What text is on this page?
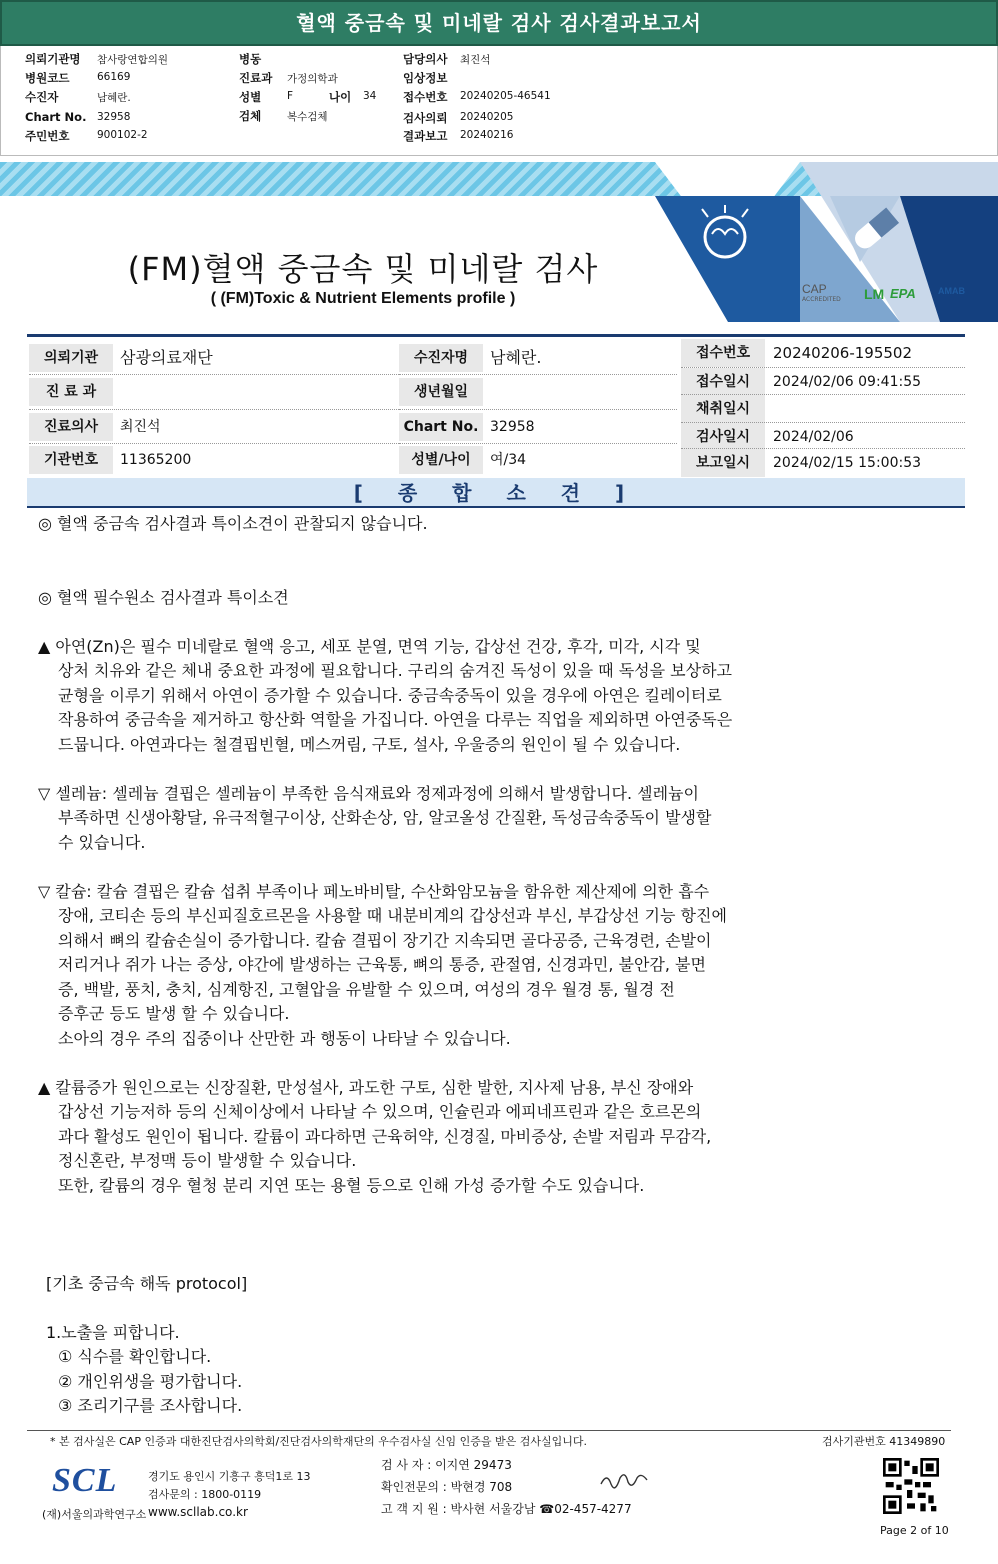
혈액 중금속 및 미네랄 검사 검사결과보고서
의뢰기관명 참사랑연합의원
병원코드	66169
수진자	남혜란.
Chart No. 32958
주민번호	900102-2
병동
진료과 가정의학과
성별 F	나이 34
검체 복수검체
담당의사 최진석
임상정보
접수번호 20240205-46541
검사의뢰 20240205
결과보고 20240216
(FM)혈액 중금속 및 미네랄 검사
( (FM)Toxic & Nutrient Elements profile )
CAP
ACCREDITED LM EPA AMAB
의뢰기관	삼광의료재단
진 료 과
진료의사	최진석
기관번호	11365200
수진자명	남혜란.
생년월일
Chart No. 32958
성별/나이	여/34
접수번호	20240206-195502
접수일시	2024/02/06 09:41:55
채취일시
검사일시	2024/02/06
보고일시	2024/02/15 15:00:53
[ 종 합 소 견 ]

◎ 혈액 중금속 검사결과 특이소견이 관찰되지 않습니다.

◎ 혈액 필수원소 검사결과 특이소견

▲ 아연(Zn)은 필수 미네랄로 혈액 응고, 세포 분열, 면역 기능, 갑상선 건강, 후각, 미각, 시각 및

상처 치유와 같은 체내 중요한 과정에 필요합니다. 구리의 숨겨진 독성이 있을 때 독성을 보상하고

균형을 이루기 위해서 아연이 증가할 수 있습니다. 중금속중독이 있을 경우에 아연은 킬레이터로

작용하여 중금속을 제거하고 항산화 역할을 가집니다. 아연을 다루는 직업을 제외하면 아연중독은

드뭅니다. 아연과다는 철결핍빈혈, 메스꺼림, 구토, 설사, 우울증의 원인이 될 수 있습니다.

▽ 셀레늄: 셀레늄 결핍은 셀레늄이 부족한 음식재료와 정제과정에 의해서 발생합니다. 셀레늄이

부족하면 신생아황달, 유극적혈구이상, 산화손상, 암, 알코올성 간질환, 독성금속중독이 발생할

수 있습니다.

▽ 칼슘: 칼슘 결핍은 칼슘 섭취 부족이나 페노바비탈, 수산화암모늄을 함유한 제산제에 의한 흡수

장애, 코티손 등의 부신피질호르몬을 사용할 때 내분비계의 갑상선과 부신, 부갑상선 기능 항진에

의해서 뼈의 칼슘손실이 증가합니다. 칼슘 결핍이 장기간 지속되면 골다공증, 근육경련, 손발이

저리거나 쥐가 나는 증상, 야간에 발생하는 근육통, 뼈의 통증, 관절염, 신경과민, 불안감, 불면

증, 백발, 풍치, 충치, 심계항진, 고혈압을 유발할 수 있으며, 여성의 경우 월경 통, 월경 전

증후군 등도 발생 할 수 있습니다.

소아의 경우 주의 집중이나 산만한 과 행동이 나타날 수 있습니다.

▲ 칼륨증가 원인으로는 신장질환, 만성설사, 과도한 구토, 심한 발한, 지사제 남용, 부신 장애와

갑상선 기능저하 등의 신체이상에서 나타날 수 있으며, 인슐린과 에피네프린과 같은 호르몬의

과다 활성도 원인이 됩니다. 칼륨이 과다하면 근육허약, 신경질, 마비증상, 손발 저림과 무감각,

정신혼란, 부정맥 등이 발생할 수 있습니다.

또한, 칼륨의 경우 혈청 분리 지연 또는 용혈 등으로 인해 가성 증가할 수도 있습니다.

[기초 중금속 해독 protocol]

1.노출을 피합니다.

① 식수를 확인합니다.

② 개인위생을 평가합니다.

③ 조리기구를 조사합니다.

* 본 검사실은 CAP 인증과 대한진단검사의학회/진단검사의학재단의 우수검사실 신임 인증을 받은 검사실입니다.	검사기관번호 41349890
SCL
(재)서울의과학연구소
경기도 용인시 기흥구 흥덕1로 13
검사문의 : 1800-0119
www.scllab.co.kr
검 사 자 : 이지연 29473
확인전문의 : 박현경 708
고 객 지 원 : 박사현 서울강남 ☎02-457-4277
Page 2 of 10
